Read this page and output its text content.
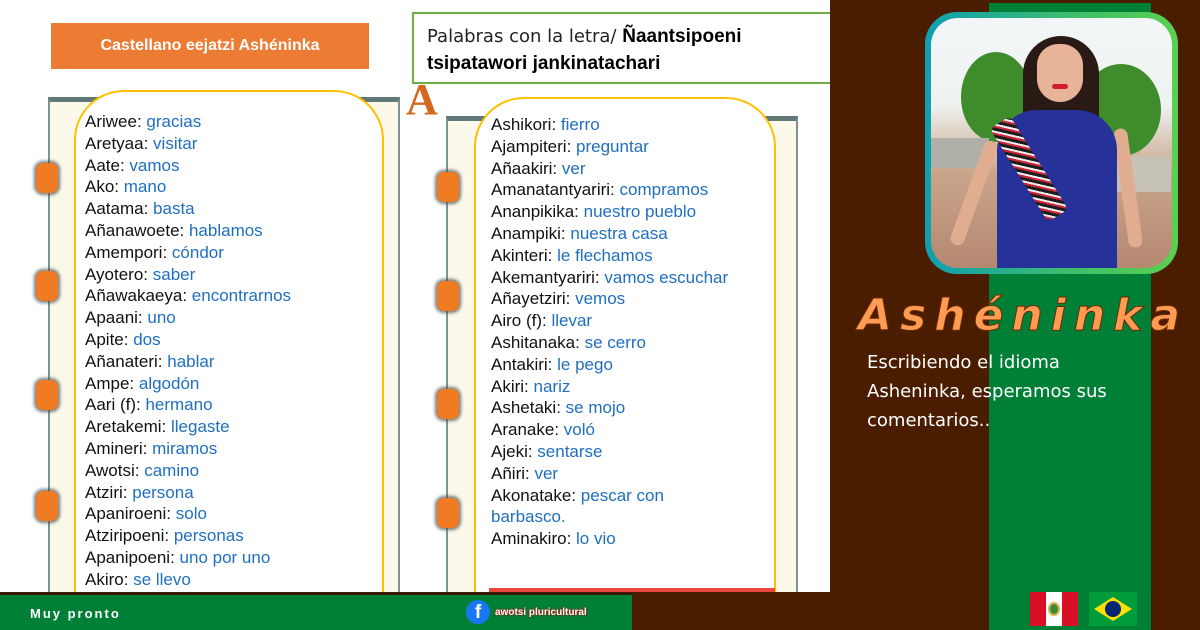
Castellano eejatzi Ashéninka	Palabras con la letra/ Ñaantsipoeni
tsipatawori jankinatachari
A
Ariwee: gracias
Aretyaa: visitar
Aate: vamos
Ako: mano
Aatama: basta
Añanawoete: hablamos
Amempori: cóndor
Ayotero: saber
Añawakaeya: encontrarnos
Apaani: uno
Apite: dos
Añanateri: hablar
Ampe: algodón
Aari (f): hermano
Aretakemi: llegaste
Amineri: miramos
Awotsi: camino
Atziri: persona
Apaniroeni: solo
Atziripoeni: personas
Apanipoeni: uno por uno
Akiro: se llevo
Ashikori: fierro
Ajampiteri: preguntar
Añaakiri: ver
Amanatantyariri: compramos
Ananpikika: nuestro pueblo
Anampiki: nuestra casa
Akinteri: le flechamos
Akemantyariri: vamos escuchar
Añayetziri: vemos
Airo (f): llevar
Ashitanaka: se cerro
Antakiri: le pego
Akiri: nariz
Ashetaki: se mojo
Aranake: voló
Ajeki: sentarse
Añiri: ver
Akonatake: pescar con
barbasco.
Aminakiro: lo vio
Muy pronto	f	awotsi pluricultural
Ashéninka
Escribiendo el idioma Asheninka, esperamos sus comentarios..
